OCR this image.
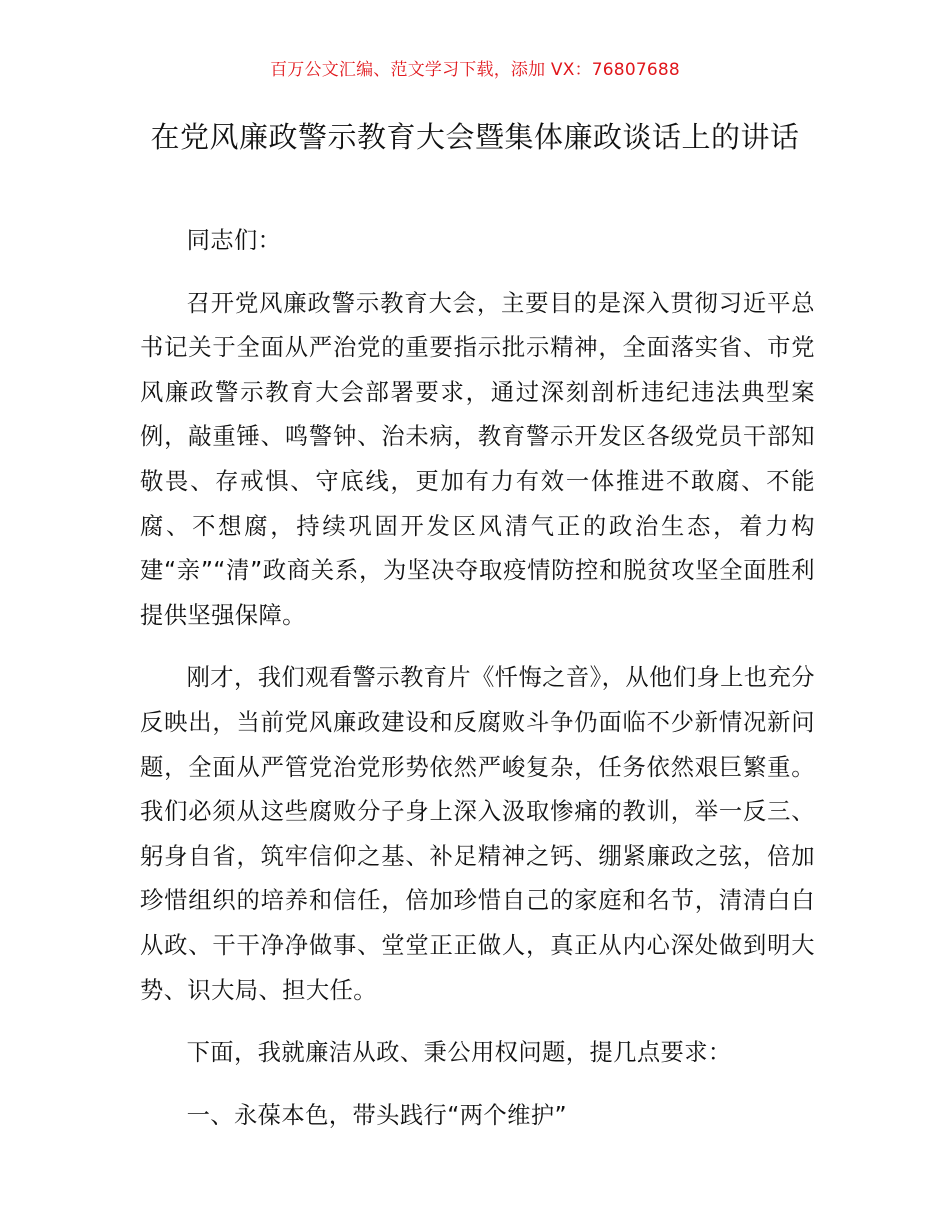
百万公文汇编、范文学习下载，添加 VX：76807688
在党风廉政警示教育大会暨集体廉政谈话上的讲话

同志们：

召开党风廉政警示教育大会，主要目的是深入贯彻习近平总书记关于全面从严治党的重要指示批示精神，全面落实省、市党风廉政警示教育大会部署要求，通过深刻剖析违纪违法典型案例，敲重锤、鸣警钟、治未病，教育警示开发区各级党员干部知敬畏、存戒惧、守底线，更加有力有效一体推进不敢腐、不能腐、不想腐，持续巩固开发区风清气正的政治生态，着力构建“亲”“清”政商关系，为坚决夺取疫情防控和脱贫攻坚全面胜利提供坚强保障。

刚才，我们观看警示教育片《忏悔之音》，从他们身上也充分反映出，当前党风廉政建设和反腐败斗争仍面临不少新情况新问题，全面从严管党治党形势依然严峻复杂，任务依然艰巨繁重。我们必须从这些腐败分子身上深入汲取惨痛的教训，举一反三、躬身自省，筑牢信仰之基、补足精神之钙、绷紧廉政之弦，倍加珍惜组织的培养和信任，倍加珍惜自己的家庭和名节，清清白白从政、干干净净做事、堂堂正正做人，真正从内心深处做到明大势、识大局、担大任。

下面，我就廉洁从政、秉公用权问题，提几点要求：

一、永葆本色，带头践行“两个维护”
